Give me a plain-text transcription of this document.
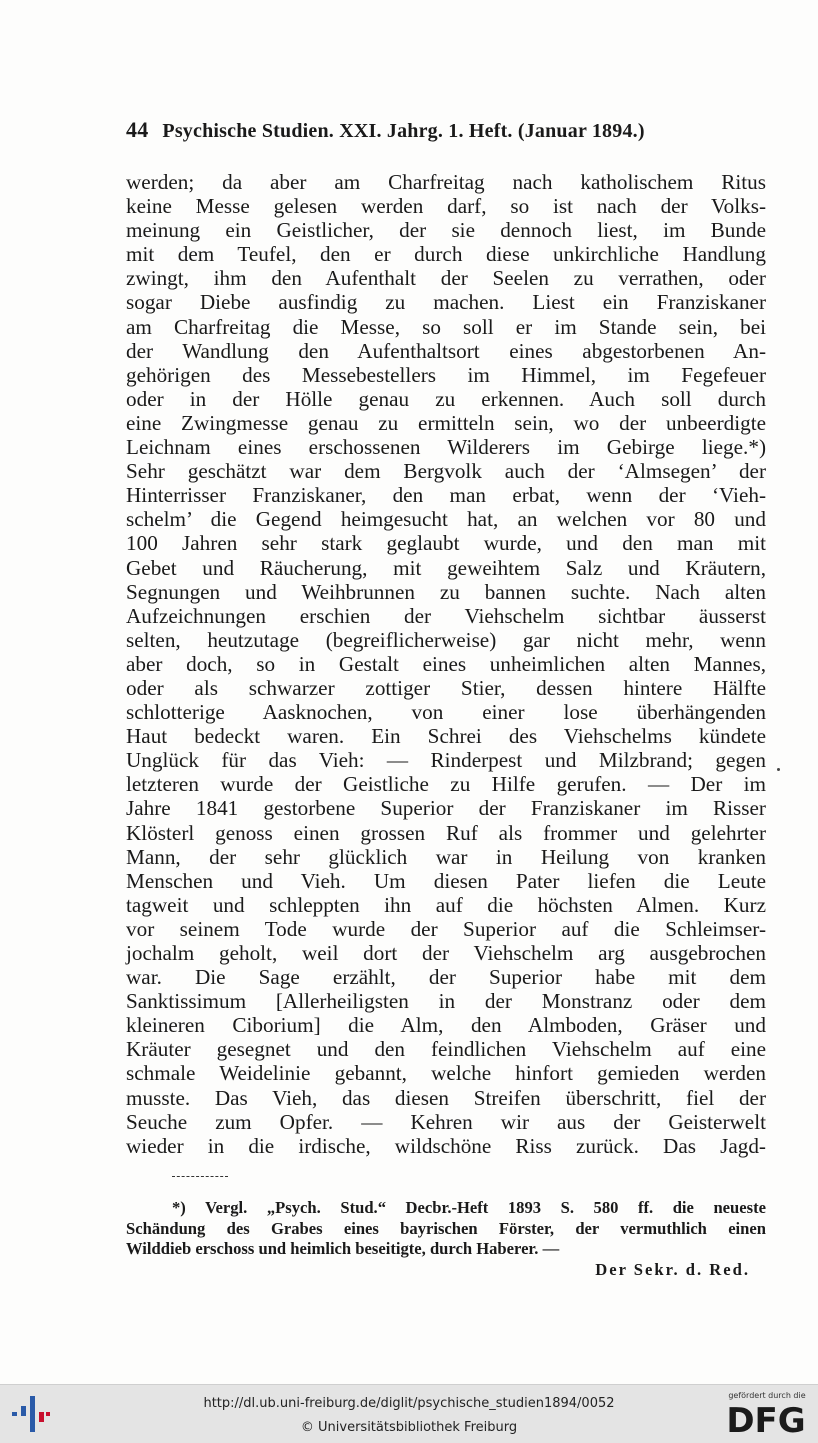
44 Psychische Studien. XXI. Jahrg. 1. Heft. (Januar 1894.)
werden; da aber am Charfreitag nach katholischem Ritus
keine Messe gelesen werden darf, so ist nach der Volks-
meinung ein Geistlicher, der sie dennoch liest, im Bunde
mit dem Teufel, den er durch diese unkirchliche Handlung
zwingt, ihm den Aufenthalt der Seelen zu verrathen, oder
sogar Diebe ausfindig zu machen. Liest ein Franziskaner
am Charfreitag die Messe, so soll er im Stande sein, bei
der Wandlung den Aufenthaltsort eines abgestorbenen An-
gehörigen des Messebestellers im Himmel, im Fegefeuer
oder in der Hölle genau zu erkennen. Auch soll durch
eine Zwingmesse genau zu ermitteln sein, wo der unbeerdigte
Leichnam eines erschossenen Wilderers im Gebirge liege.*)
Sehr geschätzt war dem Bergvolk auch der ‘Almsegen’ der
Hinterrisser Franziskaner, den man erbat, wenn der ‘Vieh-
schelm’ die Gegend heimgesucht hat, an welchen vor 80 und
100 Jahren sehr stark geglaubt wurde, und den man mit
Gebet und Räucherung, mit geweihtem Salz und Kräutern,
Segnungen und Weihbrunnen zu bannen suchte. Nach alten
Aufzeichnungen erschien der Viehschelm sichtbar äusserst
selten, heutzutage (begreiflicherweise) gar nicht mehr, wenn
aber doch, so in Gestalt eines unheimlichen alten Mannes,
oder als schwarzer zottiger Stier, dessen hintere Hälfte
schlotterige Aasknochen, von einer lose überhängenden
Haut bedeckt waren. Ein Schrei des Viehschelms kündete
Unglück für das Vieh: — Rinderpest und Milzbrand; gegen
letzteren wurde der Geistliche zu Hilfe gerufen. — Der im
Jahre 1841 gestorbene Superior der Franziskaner im Risser
Klösterl genoss einen grossen Ruf als frommer und gelehrter
Mann, der sehr glücklich war in Heilung von kranken
Menschen und Vieh. Um diesen Pater liefen die Leute
tagweit und schleppten ihn auf die höchsten Almen. Kurz
vor seinem Tode wurde der Superior auf die Schleimser-
jochalm geholt, weil dort der Viehschelm arg ausgebrochen
war. Die Sage erzählt, der Superior habe mit dem
Sanktissimum [Allerheiligsten in der Monstranz oder dem
kleineren Ciborium] die Alm, den Almboden, Gräser und
Kräuter gesegnet und den feindlichen Viehschelm auf eine
schmale Weidelinie gebannt, welche hinfort gemieden werden
musste. Das Vieh, das diesen Streifen überschritt, fiel der
Seuche zum Opfer. — Kehren wir aus der Geisterwelt
wieder in die irdische, wildschöne Riss zurück. Das Jagd-
*) Vergl. „Psych. Stud.“ Decbr.-Heft 1893 S. 580 ff. die neueste
Schändung des Grabes eines bayrischen Förster, der vermuthlich einen
Wilddieb erschoss und heimlich beseitigte, durch Haberer. —
Der Sekr. d. Red.
http://dl.ub.uni-freiburg.de/diglit/psychische_studien1894/0052
© Universitätsbibliothek Freiburg
gefördert durch die
DFG
